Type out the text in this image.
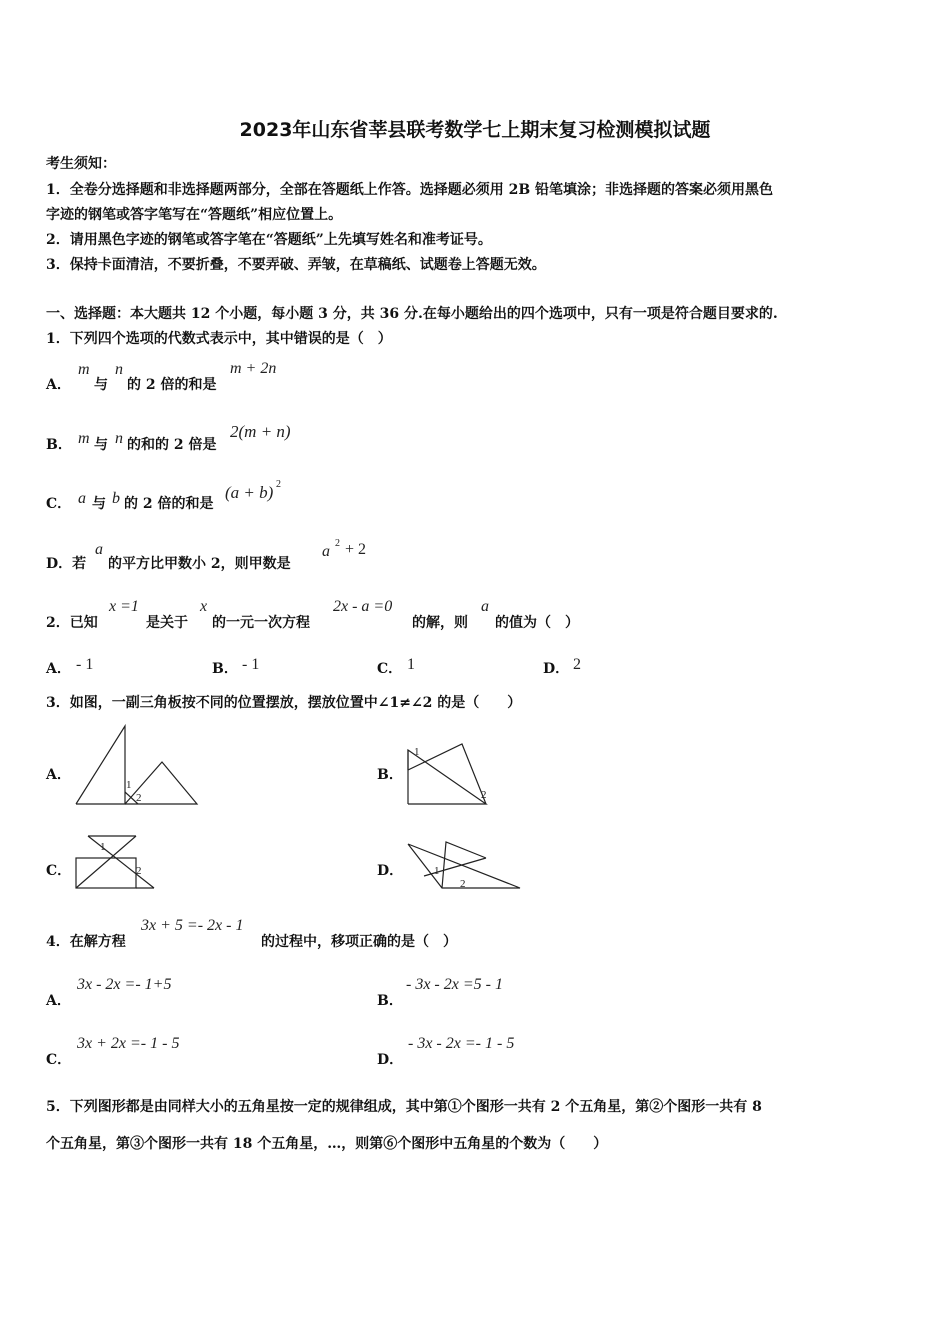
2023年山东省莘县联考数学七上期末复习检测模拟试题
考生须知：
1．全卷分选择题和非选择题两部分，全部在答题纸上作答。选择题必须用 2B 铅笔填涂；非选择题的答案必须用黑色
字迹的钢笔或答字笔写在“答题纸”相应位置上。
2．请用黑色字迹的钢笔或答字笔在“答题纸”上先填写姓名和准考证号。
3．保持卡面清洁，不要折叠，不要弄破、弄皱，在草稿纸、试题卷上答题无效。
一、选择题：本大题共 12 个小题，每小题 3 分，共 36 分.在每小题给出的四个选项中，只有一项是符合题目要求的.
1．下列四个选项的代数式表示中，其中错误的是（　）
A．
m
与
n
的 2 倍的和是
m + 2n
B． m 与 n 的和的 2 倍是
2(m + n)
C． a 与 b 的 2 倍的和是
(a + b) 2
D．若
a
的平方比甲数小 2，则甲数是
a 2 + 2
2．已知
x =1
是关于
x
的一元一次方程
2x - a =0
的解，则
a
的值为（　）
A． - 1	B． - 1	C． 1	D． 2
3．如图，一副三角板按不同的位置摆放，摆放位置中∠1≠∠2 的是（　　）
A．
1
2
B．
1
2
C．
1
2	D．	1
2
4．在解方程
3x + 5 =- 2x - 1
的过程中，移项正确的是（　）
A．
3x - 2x =- 1+5
B．
- 3x - 2x =5 - 1
C．
3x + 2x =- 1 - 5
D．
- 3x - 2x =- 1 - 5
5．下列图形都是由同样大小的五角星按一定的规律组成，其中第①个图形一共有 2 个五角星，第②个图形一共有 8
个五角星，第③个图形一共有 18 个五角星，…，则第⑥个图形中五角星的个数为（　　）
